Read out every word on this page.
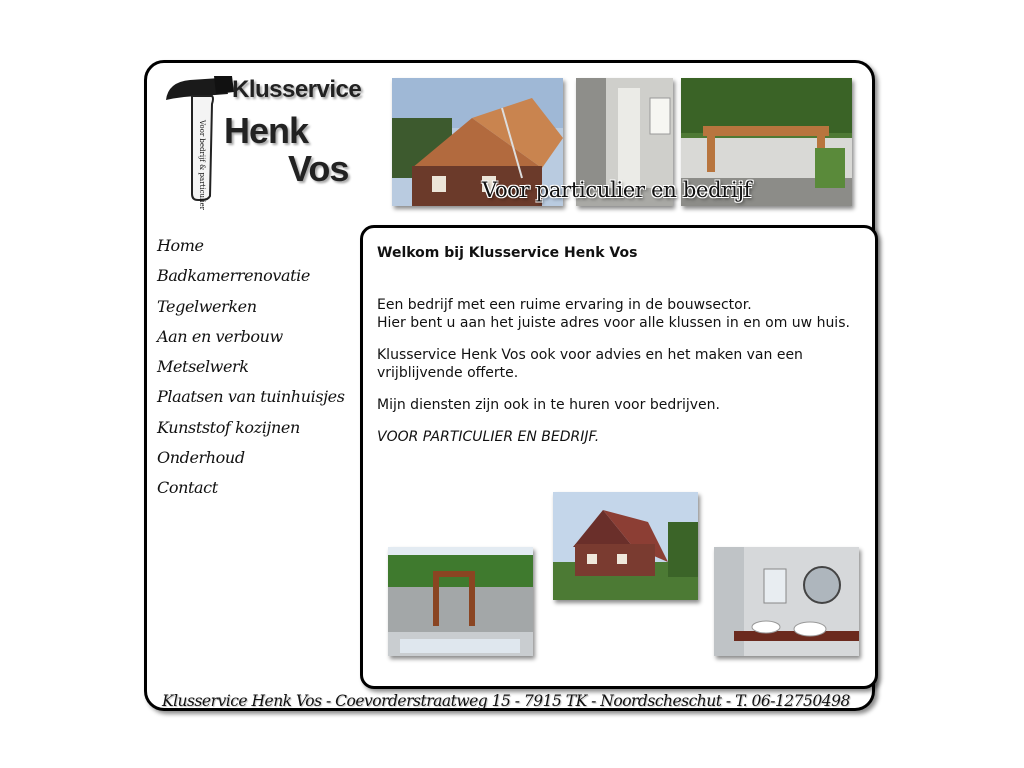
Klusservice
Henk
Vos
Voor bedrijf & particulier	Voor particulier en bedrijf
Home
Badkamerrenovatie
Tegelwerken
Aan en verbouw
Metselwerk
Plaatsen van tuinhuisjes
Kunststof kozijnen
Onderhoud
Contact
Welkom bij Klusservice Henk Vos

Een bedrijf met een ruime ervaring in de bouwsector.
Hier bent u aan het juiste adres voor alle klussen in en om uw huis.

Klusservice Henk Vos ook voor advies en het maken van een vrijblijvende offerte.

Mijn diensten zijn ook in te huren voor bedrijven.

VOOR PARTICULIER EN BEDRIJF.

Klusservice Henk Vos - Coevorderstraatweg 15 - 7915 TK - Noordscheschut - T. 06-12750498
